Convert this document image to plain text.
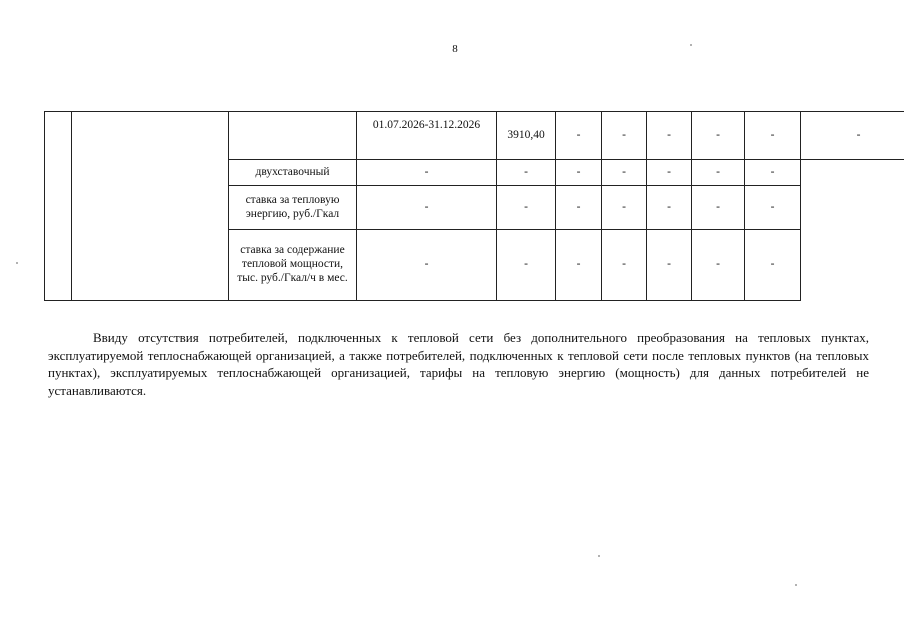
8
			01.07.2026-31.12.2026	3910,40	-	-	-	-	-	-
		двухставочный	-	-	-	-	-	-	-	
		ставка за тепловую энергию, руб./Гкал	-	-	-	-	-	-	-	
		ставка за содержание тепловой мощности, тыс. руб./Гкал/ч в мес.	-	-	-	-	-	-	-	

Ввиду отсутствия потребителей, подключенных к тепловой сети без дополнительного преобразования на тепловых пунктах, эксплуатируемой теплоснабжающей организацией, а также потребителей, подключенных к тепловой сети после тепловых пунктов (на тепловых пунктах), эксплуатируемых теплоснабжающей организацией, тарифы на тепловую энергию (мощность) для данных потребителей не устанавливаются.
